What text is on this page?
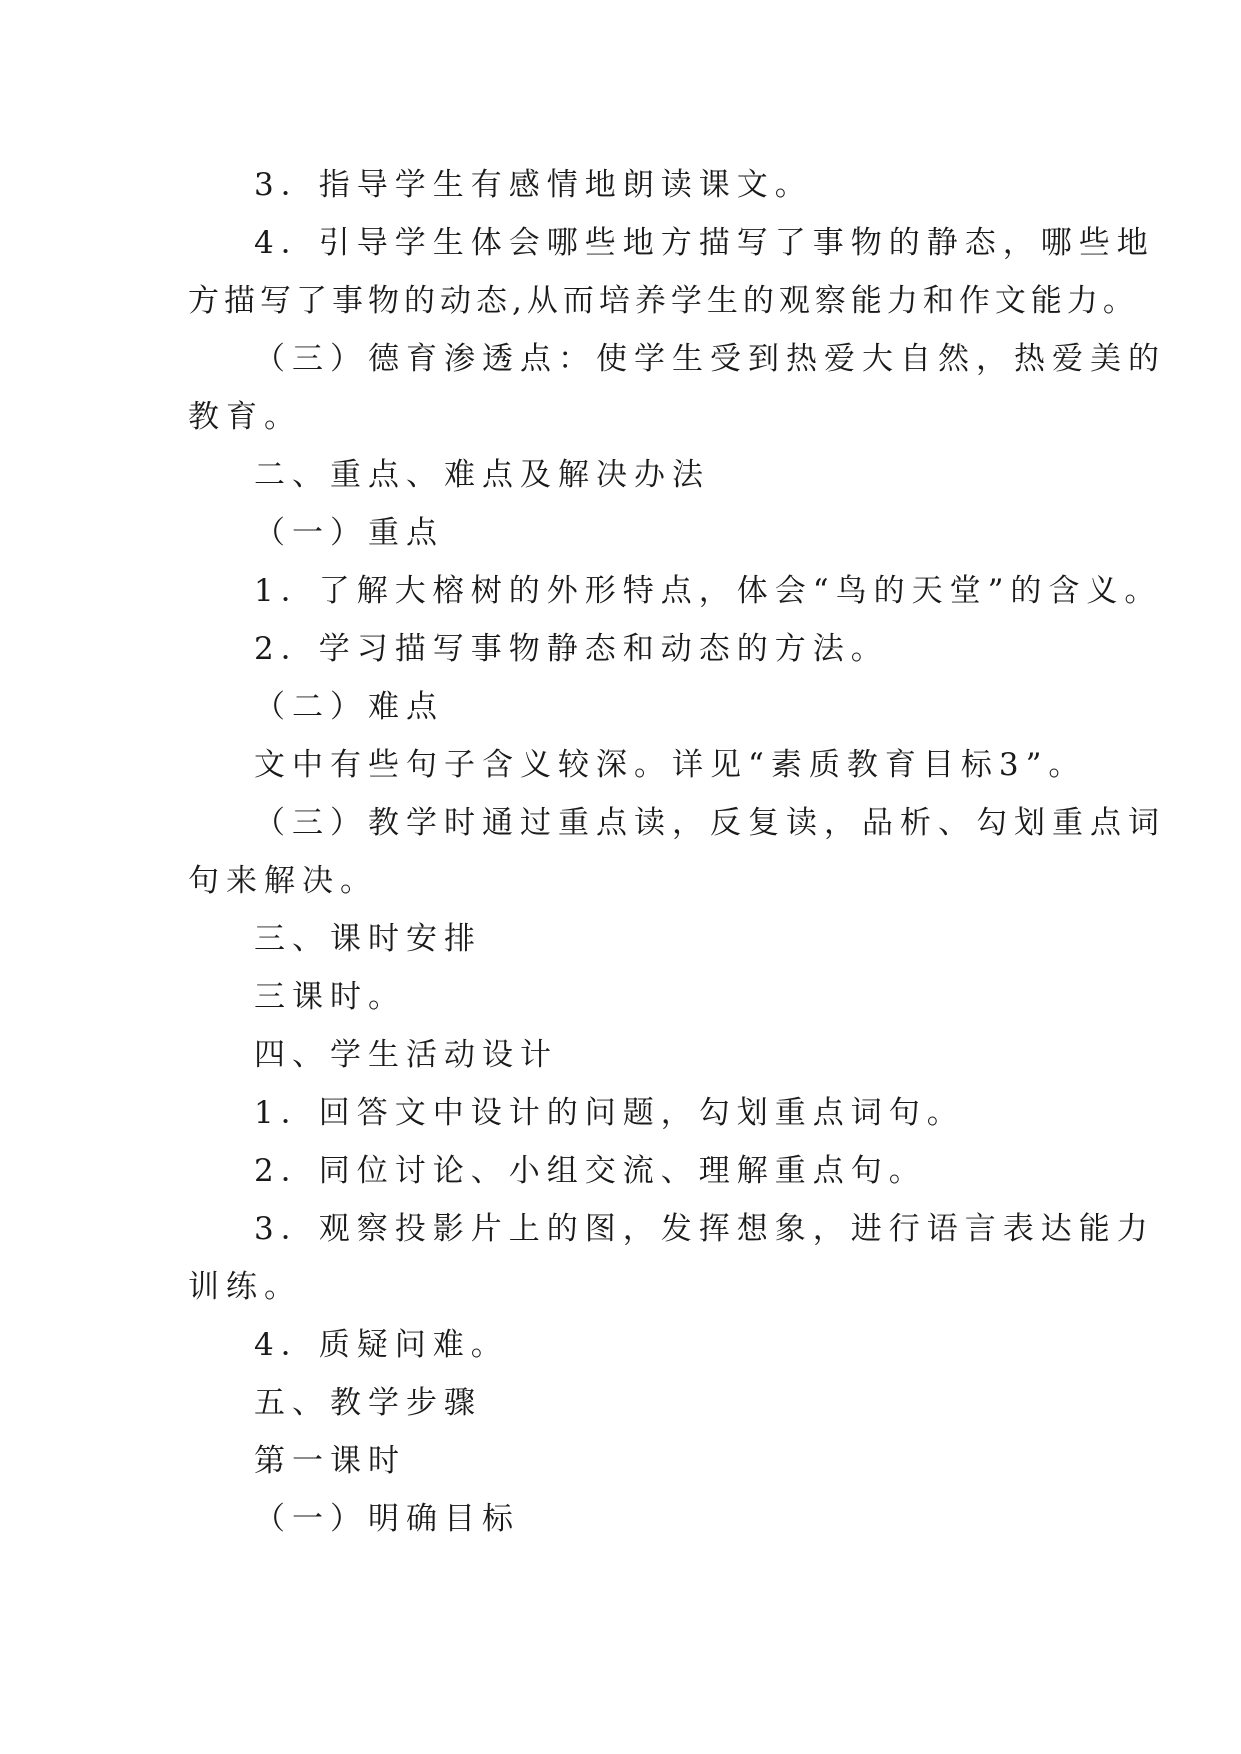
3．指导学生有感情地朗读课文。
4．引导学生体会哪些地方描写了事物的静态，哪些地
方描写了事物的动态,从而培养学生的观察能力和作文能力。
（三）德育渗透点：使学生受到热爱大自然，热爱美的
教育。
二、重点、难点及解决办法
（一）重点
1．了解大榕树的外形特点，体会“鸟的天堂”的含义。
2．学习描写事物静态和动态的方法。
（二）难点
文中有些句子含义较深。详见“素质教育目标3”。
（三）教学时通过重点读，反复读，品析、勾划重点词
句来解决。
三、课时安排
三课时。
四、学生活动设计
1．回答文中设计的问题，勾划重点词句。
2．同位讨论、小组交流、理解重点句。
3．观察投影片上的图，发挥想象，进行语言表达能力
训练。
4．质疑问难。
五、教学步骤
第一课时
（一）明确目标
